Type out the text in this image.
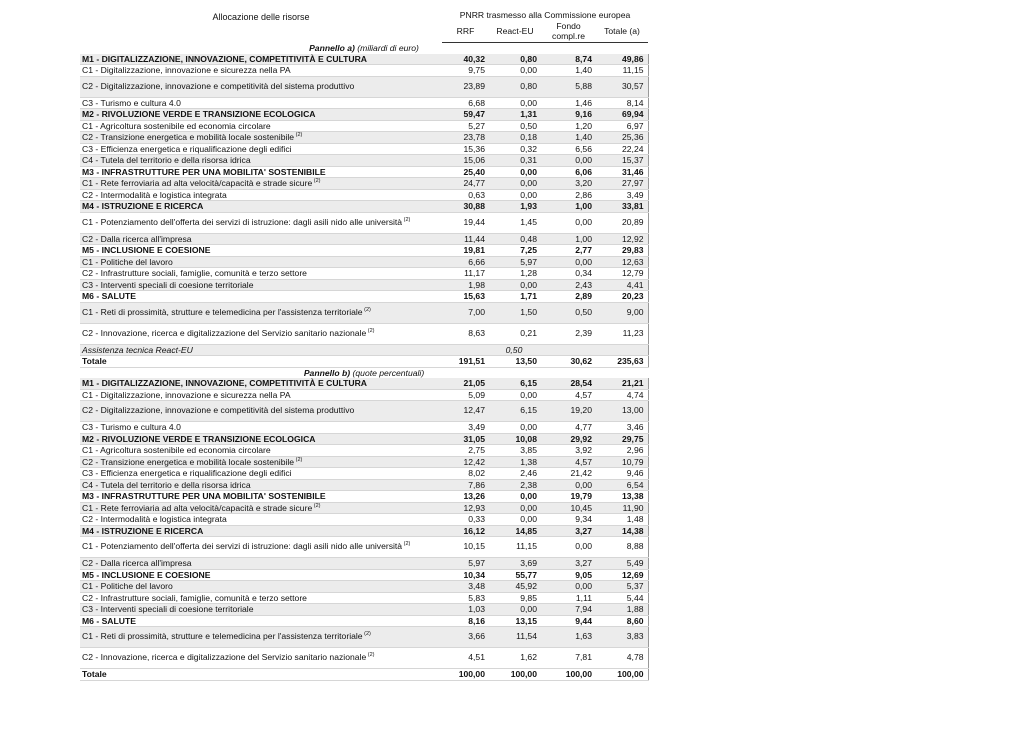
Allocazione delle risorse	PNRR trasmesso alla Commissione europea			
	RRF	React-EU	Fondo compl.re	Totale (a)
Pannello a) (miliardi di euro)				
M1 - DIGITALIZZAZIONE, INNOVAZIONE, COMPETITIVITÀ E CULTURA	40,32	0,80	8,74	49,86
C1 - Digitalizzazione, innovazione e sicurezza nella PA	9,75	0,00	1,40	11,15
C2 - Digitalizzazione, innovazione e competitività del sistema produttivo	23,89	0,80	5,88	30,57
C3 - Turismo e cultura 4.0	6,68	0,00	1,46	8,14
M2 - RIVOLUZIONE VERDE E TRANSIZIONE ECOLOGICA	59,47	1,31	9,16	69,94
C1 - Agricoltura sostenibile ed economia circolare	5,27	0,50	1,20	6,97
C2 - Transizione energetica e mobilità locale sostenibile $^{(2)}$	23,78	0,18	1,40	25,36
C3 - Efficienza energetica e riqualificazione degli edifici	15,36	0,32	6,56	22,24
C4 - Tutela del territorio e della risorsa idrica	15,06	0,31	0,00	15,37
M3 - INFRASTRUTTURE PER UNA MOBILITA' SOSTENIBILE	25,40	0,00	6,06	31,46
C1 - Rete ferroviaria ad alta velocità/capacità e strade sicure $^{(2)}$	24,77	0,00	3,20	27,97
C2 - Intermodalità e logistica integrata	0,63	0,00	2,86	3,49
M4 - ISTRUZIONE E RICERCA	30,88	1,93	1,00	33,81
C1 - Potenziamento dell'offerta dei servizi di istruzione: dagli asili nido alle università $^{(2)}$	19,44	1,45	0,00	20,89
C2 - Dalla ricerca all'impresa	11,44	0,48	1,00	12,92
M5 - INCLUSIONE E COESIONE	19,81	7,25	2,77	29,83
C1 - Politiche del lavoro	6,66	5,97	0,00	12,63
C2 - Infrastrutture sociali, famiglie, comunità e terzo settore	11,17	1,28	0,34	12,79
C3 - Interventi speciali di coesione territoriale	1,98	0,00	2,43	4,41
M6 - SALUTE	15,63	1,71	2,89	20,23
C1 - Reti di prossimità, strutture e telemedicina per l'assistenza territoriale $^{(2)}$	7,00	1,50	0,50	9,00
C2 - Innovazione, ricerca e digitalizzazione del Servizio sanitario nazionale $^{(2)}$	8,63	0,21	2,39	11,23
Assistenza tecnica React-EU		0,50		
Totale	191,51	13,50	30,62	235,63
Pannello b) (quote percentuali)				
M1 - DIGITALIZZAZIONE, INNOVAZIONE, COMPETITIVITÀ E CULTURA	21,05	6,15	28,54	21,21
C1 - Digitalizzazione, innovazione e sicurezza nella PA	5,09	0,00	4,57	4,74
C2 - Digitalizzazione, innovazione e competitività del sistema produttivo	12,47	6,15	19,20	13,00
C3 - Turismo e cultura 4.0	3,49	0,00	4,77	3,46
M2 - RIVOLUZIONE VERDE E TRANSIZIONE ECOLOGICA	31,05	10,08	29,92	29,75
C1 - Agricoltura sostenibile ed economia circolare	2,75	3,85	3,92	2,96
C2 - Transizione energetica e mobilità locale sostenibile $^{(2)}$	12,42	1,38	4,57	10,79
C3 - Efficienza energetica e riqualificazione degli edifici	8,02	2,46	21,42	9,46
C4 - Tutela del territorio e della risorsa idrica	7,86	2,38	0,00	6,54
M3 - INFRASTRUTTURE PER UNA MOBILITA' SOSTENIBILE	13,26	0,00	19,79	13,38
C1 - Rete ferroviaria ad alta velocità/capacità e strade sicure $^{(2)}$	12,93	0,00	10,45	11,90
C2 - Intermodalità e logistica integrata	0,33	0,00	9,34	1,48
M4 - ISTRUZIONE E RICERCA	16,12	14,85	3,27	14,38
C1 - Potenziamento dell'offerta dei servizi di istruzione: dagli asili nido alle università $^{(2)}$	10,15	11,15	0,00	8,88
C2 - Dalla ricerca all'impresa	5,97	3,69	3,27	5,49
M5 - INCLUSIONE E COESIONE	10,34	55,77	9,05	12,69
C1 - Politiche del lavoro	3,48	45,92	0,00	5,37
C2 - Infrastrutture sociali, famiglie, comunità e terzo settore	5,83	9,85	1,11	5,44
C3 - Interventi speciali di coesione territoriale	1,03	0,00	7,94	1,88
M6 - SALUTE	8,16	13,15	9,44	8,60
C1 - Reti di prossimità, strutture e telemedicina per l'assistenza territoriale $^{(2)}$	3,66	11,54	1,63	3,83
C2 - Innovazione, ricerca e digitalizzazione del Servizio sanitario nazionale $^{(2)}$	4,51	1,62	7,81	4,78
Totale	100,00	100,00	100,00	100,00
